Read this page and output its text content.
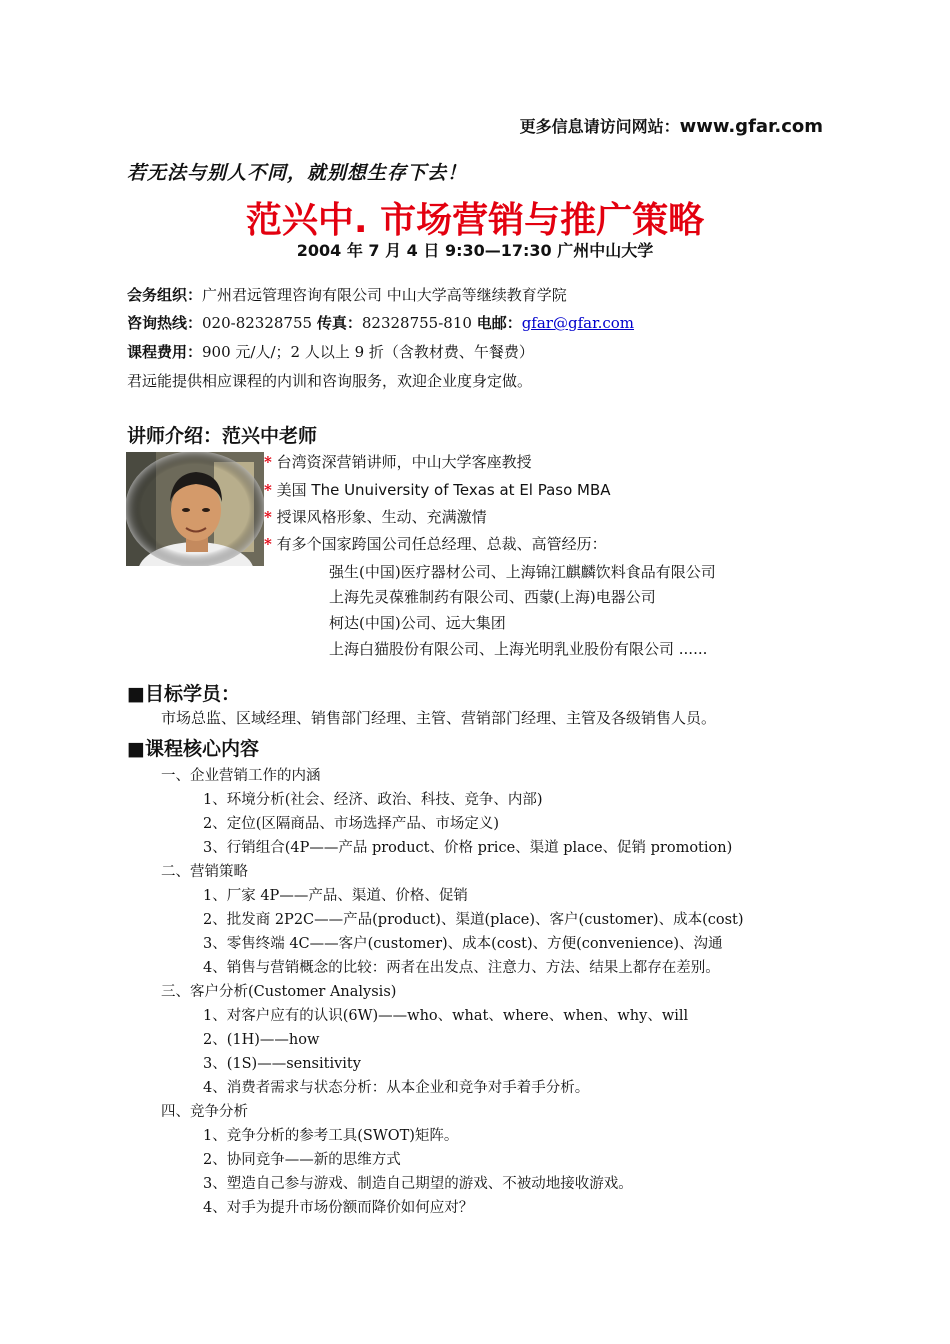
更多信息请访问网站：www.gfar.com
若无法与别人不同，就别想生存下去！
范兴中. 市场营销与推广策略
2004 年 7 月 4 日 9:30—17:30 广州中山大学
会务组织：广州君远管理咨询有限公司 中山大学高等继续教育学院
咨询热线：020-82328755 传真：82328755-810 电邮：gfar@gfar.com
课程费用：900 元/人/；2 人以上 9 折（含教材费、午餐费）
君远能提供相应课程的内训和咨询服务，欢迎企业度身定做。
讲师介绍：范兴中老师
* 台湾资深营销讲师，中山大学客座教授
* 美国 The Unuiversity of Texas at El Paso MBA
* 授课风格形象、生动、充满激情
* 有多个国家跨国公司任总经理、总裁、高管经历：
强生(中国)医疗器材公司、上海锦江麒麟饮料食品有限公司
上海先灵葆雅制药有限公司、西蒙(上海)电器公司
柯达(中国)公司、远大集团
上海白猫股份有限公司、上海光明乳业股份有限公司 ......
■目标学员：
市场总监、区域经理、销售部门经理、主管、营销部门经理、主管及各级销售人员。
■课程核心内容
一、企业营销工作的内涵
1、环境分析(社会、经济、政治、科技、竞争、内部)
2、定位(区隔商品、市场选择产品、市场定义)
3、行销组合(4P——产品 product、价格 price、渠道 place、促销 promotion)
二、营销策略
1、厂家 4P——产品、渠道、价格、促销
2、批发商 2P2C——产品(product)、渠道(place)、客户(customer)、成本(cost)
3、零售终端 4C——客户(customer)、成本(cost)、方便(convenience)、沟通
4、销售与营销概念的比较：两者在出发点、注意力、方法、结果上都存在差别。
三、客户分析(Customer Analysis)
1、对客户应有的认识(6W)——who、what、where、when、why、will
2、(1H)——how
3、(1S)——sensitivity
4、消费者需求与状态分析：从本企业和竞争对手着手分析。
四、竞争分析
1、竞争分析的参考工具(SWOT)矩阵。
2、协同竞争——新的思维方式
3、塑造自己参与游戏、制造自己期望的游戏、不被动地接收游戏。
4、对手为提升市场份额而降价如何应对？
